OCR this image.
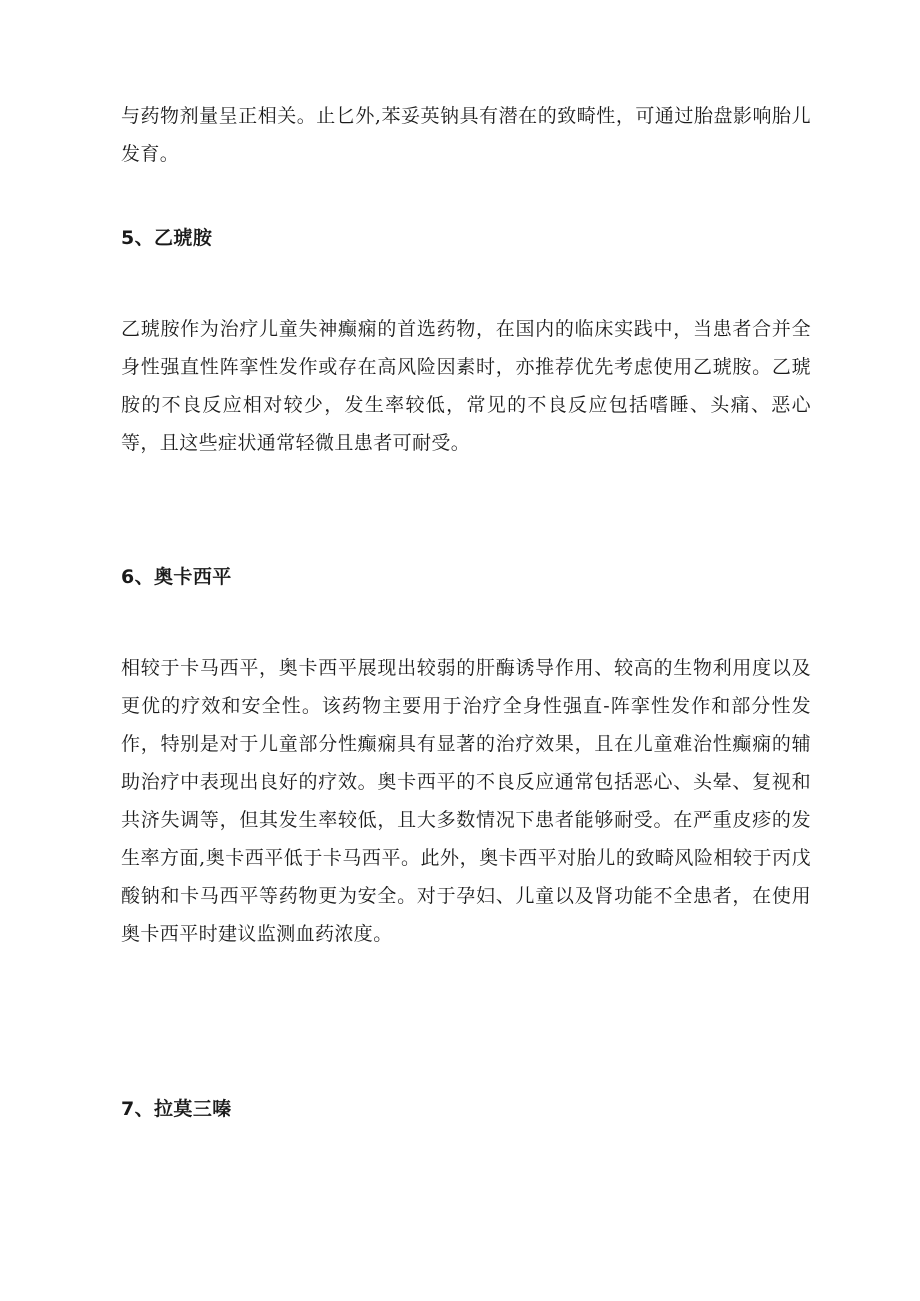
与药物剂量呈正相关。止匕外,苯妥英钠具有潜在的致畸性，可通过胎盘影响胎儿发育。

5、乙琥胺

乙琥胺作为治疗儿童失神癫痫的首选药物，在国内的临床实践中，当患者合并全身性强直性阵挛性发作或存在高风险因素时，亦推荐优先考虑使用乙琥胺。乙琥胺的不良反应相对较少，发生率较低，常见的不良反应包括嗜睡、头痛、恶心等，且这些症状通常轻微且患者可耐受。

6、奥卡西平

相较于卡马西平，奥卡西平展现出较弱的肝酶诱导作用、较高的生物利用度以及更优的疗效和安全性。该药物主要用于治疗全身性强直-阵挛性发作和部分性发作，特别是对于儿童部分性癫痫具有显著的治疗效果，且在儿童难治性癫痫的辅助治疗中表现出良好的疗效。奥卡西平的不良反应通常包括恶心、头晕、复视和共济失调等，但其发生率较低，且大多数情况下患者能够耐受。在严重皮疹的发生率方面,奥卡西平低于卡马西平。此外，奥卡西平对胎儿的致畸风险相较于丙戊酸钠和卡马西平等药物更为安全。对于孕妇、儿童以及肾功能不全患者，在使用奥卡西平时建议监测血药浓度。

7、拉莫三嗪
